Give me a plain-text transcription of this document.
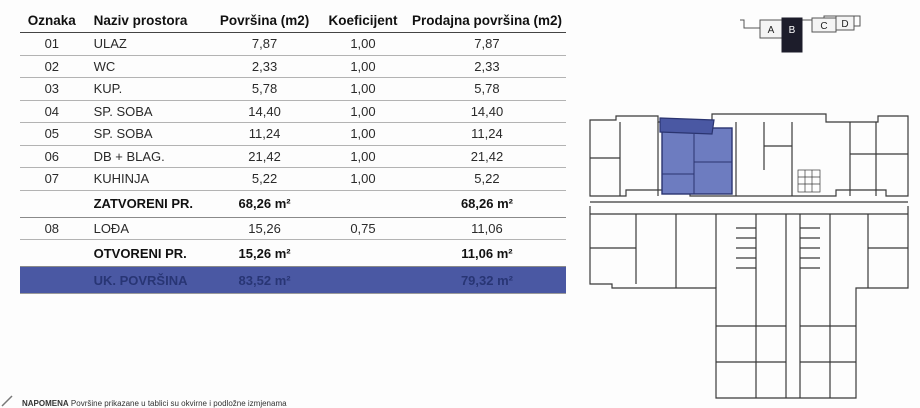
Oznaka	Naziv prostora	Površina (m2)	Koeficijent	Prodajna površina (m2)
01	ULAZ	7,87	1,00	7,87
02	WC	2,33	1,00	2,33
03	KUP.	5,78	1,00	5,78
04	SP. SOBA	14,40	1,00	14,40
05	SP. SOBA	11,24	1,00	11,24
06	DB + BLAG.	21,42	1,00	21,42
07	KUHINJA	5,22	1,00	5,22
	ZATVORENI PR.	68,26 m²		68,26 m²
08	LOĐA	15,26	0,75	11,06
	OTVORENI PR.	15,26 m²		11,06 m²
	UK. POVRŠINA	83,52 m²		79,32 m²
A B	C D
NAPOMENA Površine prikazane u tablici su okvirne i podložne izmjenama
